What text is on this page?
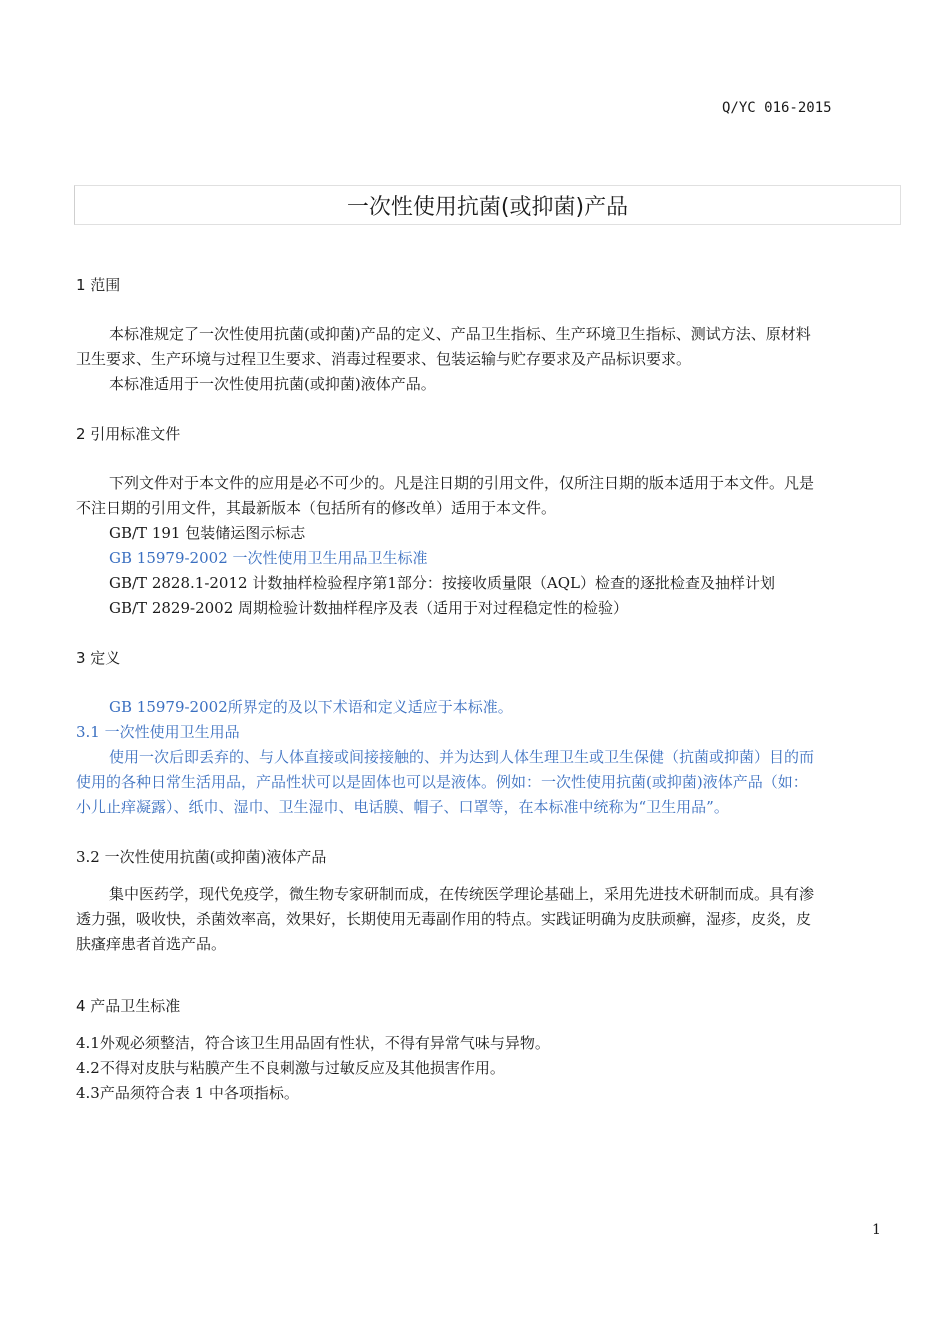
Q/YC 016-2015
一次性使用抗菌(或抑菌)产品
1 范围
本标准规定了一次性使用抗菌(或抑菌)产品的定义、产品卫生指标、生产环境卫生指标、测试方法、原材料
卫生要求、生产环境与过程卫生要求、消毒过程要求、包装运输与贮存要求及产品标识要求。
本标准适用于一次性使用抗菌(或抑菌)液体产品。
2 引用标准文件
下列文件对于本文件的应用是必不可少的。凡是注日期的引用文件，仅所注日期的版本适用于本文件。凡是
不注日期的引用文件，其最新版本（包括所有的修改单）适用于本文件。
GB/T 191 包装储运图示标志
GB 15979-2002 一次性使用卫生用品卫生标准
GB/T 2828.1-2012 计数抽样检验程序第1部分：按接收质量限（AQL）检查的逐批检查及抽样计划
GB/T 2829-2002 周期检验计数抽样程序及表（适用于对过程稳定性的检验）
3 定义
GB 15979-2002所界定的及以下术语和定义适应于本标准。
3.1 一次性使用卫生用品
使用一次后即丢弃的、与人体直接或间接接触的、并为达到人体生理卫生或卫生保健（抗菌或抑菌）目的而
使用的各种日常生活用品，产品性状可以是固体也可以是液体。例如：一次性使用抗菌(或抑菌)液体产品（如：
小儿止痒凝露）、纸巾、湿巾、卫生湿巾、电话膜、帽子、口罩等，在本标准中统称为“卫生用品”。
3.2 一次性使用抗菌(或抑菌)液体产品
集中医药学，现代免疫学，微生物专家研制而成，在传统医学理论基础上，采用先进技术研制而成。具有渗
透力强，吸收快，杀菌效率高，效果好，长期使用无毒副作用的特点。实践证明确为皮肤顽癣，湿疹，皮炎，皮
肤瘙痒患者首选产品。
4 产品卫生标准
4.1外观必须整洁，符合该卫生用品固有性状，不得有异常气味与异物。
4.2不得对皮肤与粘膜产生不良刺激与过敏反应及其他损害作用。
4.3产品须符合表 1 中各项指标。
1
